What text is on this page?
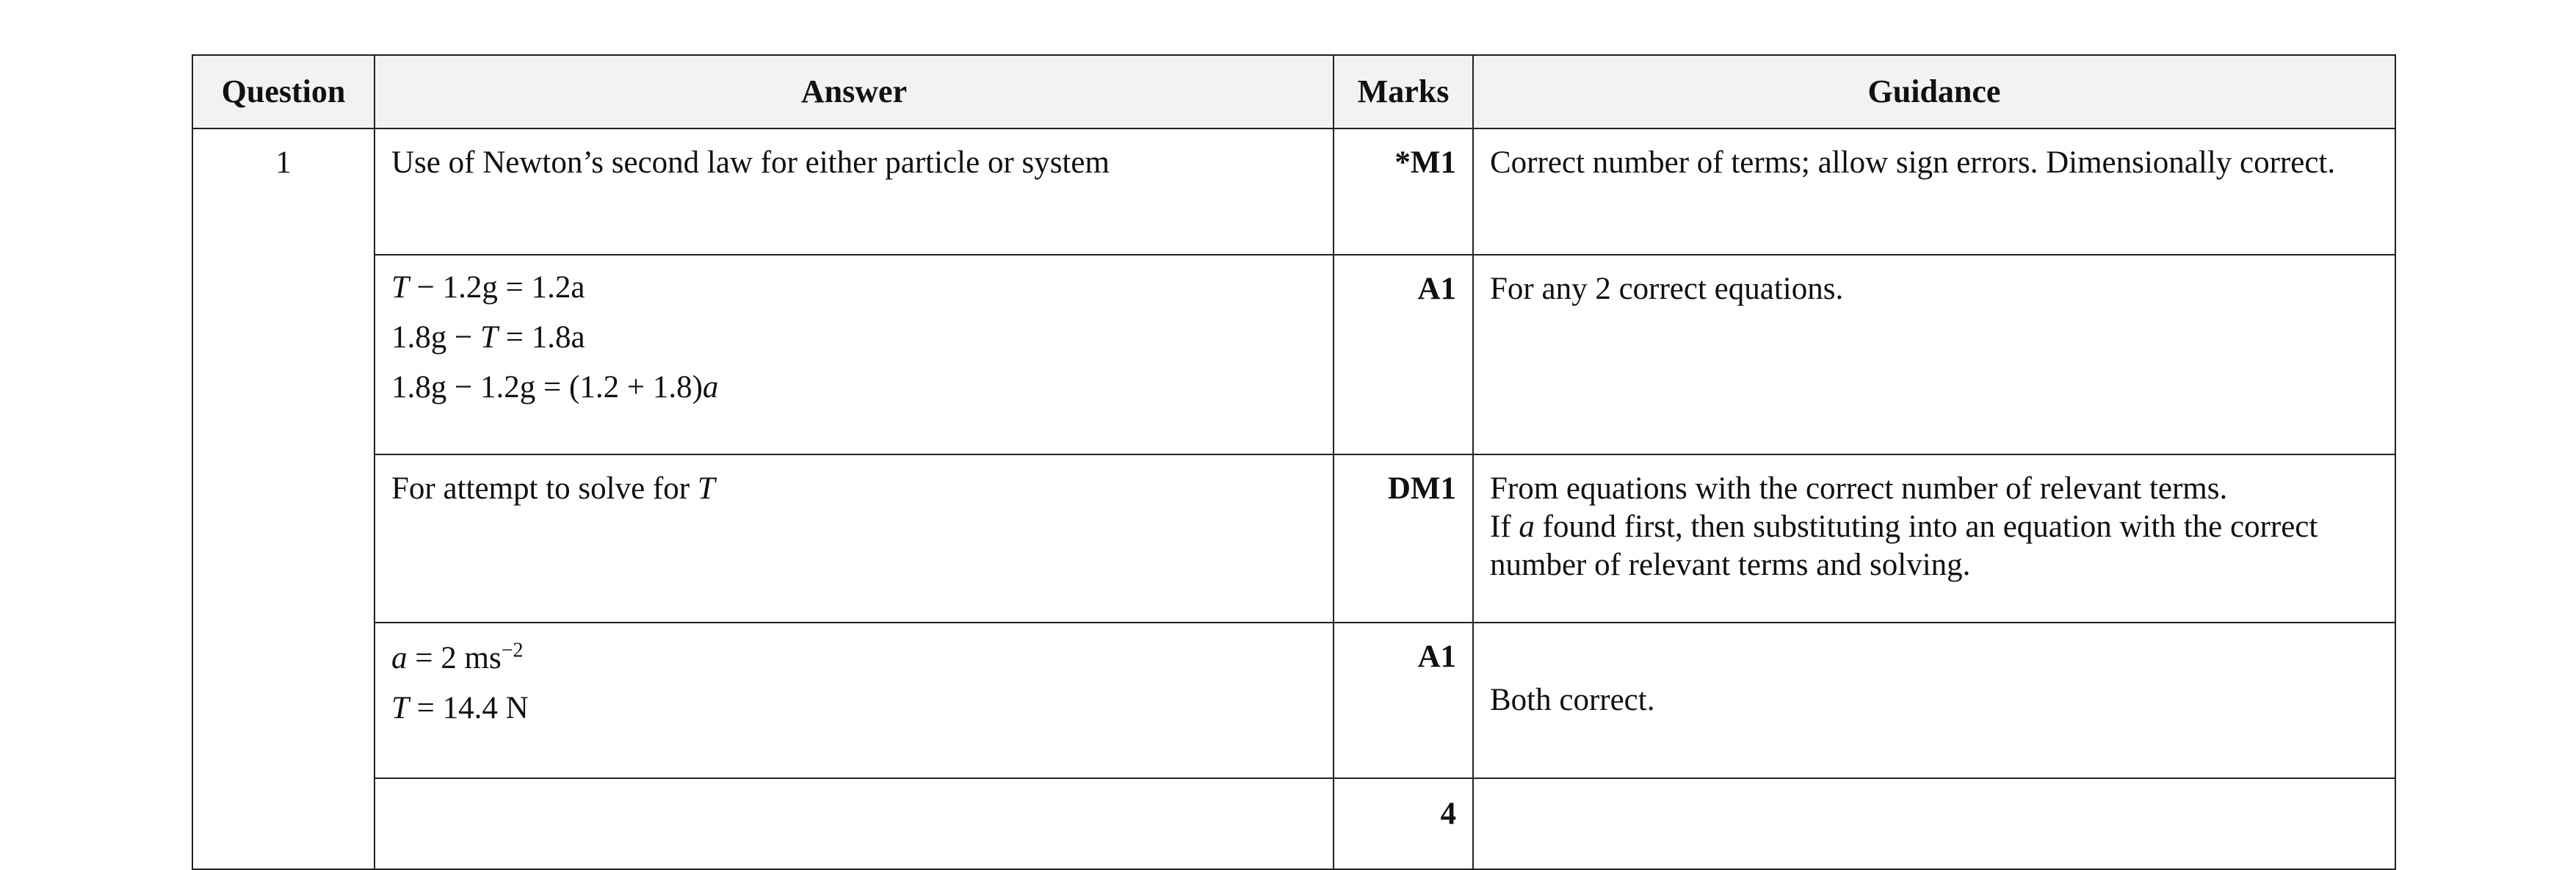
Question	Answer	Marks	Guidance
1	Use of Newton’s second law for either particle or system	*M1	Correct number of terms; allow sign errors. Dimensionally correct.

	T − 1.2g = 1.2a
1.8g − T = 1.8a
1.8g − 1.2g = (1.2 + 1.8)a	A1	For any 2 correct equations.
	For attempt to solve for T	DM1	From equations with the correct number of relevant terms.
If a found first, then substituting into an equation with the correct number of relevant terms and solving.

	a = 2 $ms^{-2}$
T = 14.4 N	A1	Both correct.
		4	
